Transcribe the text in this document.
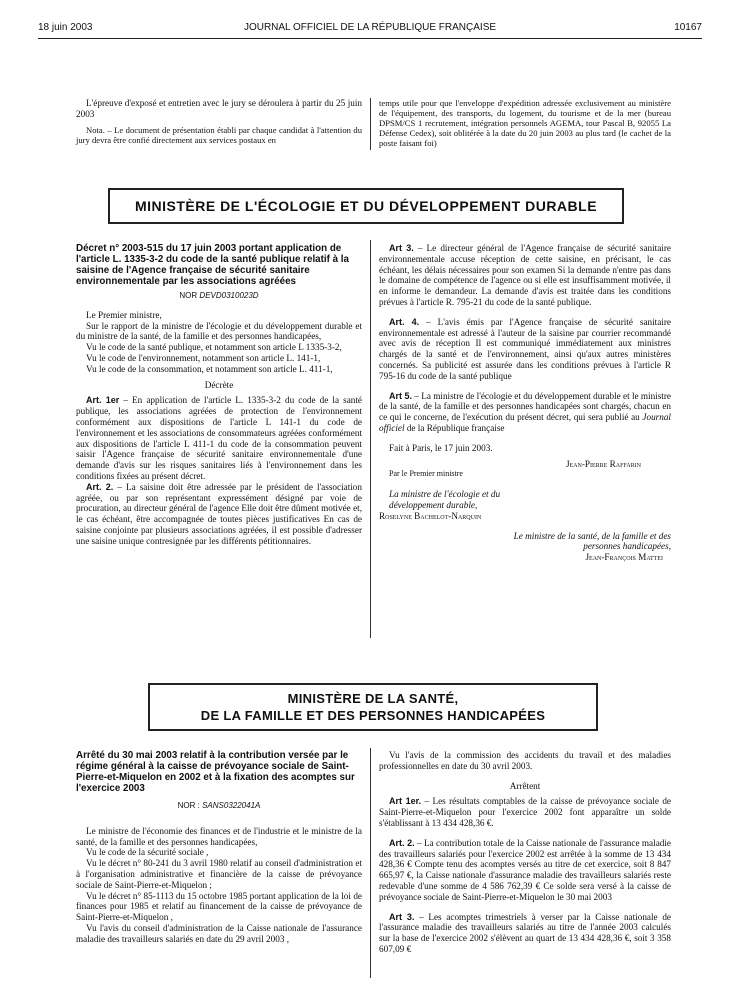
18 juin 2003	JOURNAL OFFICIEL DE LA RÉPUBLIQUE FRANÇAISE	10167

L'épreuve d'exposé et entretien avec le jury se déroulera à partir du 25 juin 2003

Nota. – Le document de présentation établi par chaque candidat à l'attention du jury devra être confié directement aux services postaux en

temps utile pour que l'enveloppe d'expédition adressée exclusivement au ministère de l'équipement, des transports, du logement, du tourisme et de la mer (bureau DPSM/CS 1 recrutement, intégration personnels AGEMA, tour Pascal B, 92055 La Défense Cedex), soit oblitérée à la date du 20 juin 2003 au plus tard (le cachet de la poste faisant foi)

MINISTÈRE DE L'ÉCOLOGIE ET DU DÉVELOPPEMENT DURABLE
Décret n° 2003-515 du 17 juin 2003 portant application de l'article L. 1335-3-2 du code de la santé publique relatif à la saisine de l'Agence française de sécurité sanitaire environnementale par les associations agréées
NOR DEVD0310023D

Le Premier ministre,

Sur le rapport de la ministre de l'écologie et du développement durable et du ministre de la santé, de la famille et des personnes handicapées,

Vu le code de la santé publique, et notamment son article L 1335-3-2,

Vu le code de l'environnement, notamment son article L. 141-1,

Vu le code de la consommation, et notamment son article L. 411-1,

Décrète

Art. 1er – En application de l'article L. 1335-3-2 du code de la santé publique, les associations agréées de protection de l'environnement conformément aux dispositions de l'article L 141-1 du code de l'environnement et les associations de consommateurs agréées conformément aux dispositions de l'article L 411-1 du code de la consommation peuvent saisir l'Agence française de sécurité sanitaire environnementale d'une demande d'avis sur les risques sanitaires liés à l'environnement dans les conditions fixées au présent décret.

Art. 2. – La saisine doit être adressée par le président de l'association agréée, ou par son représentant expressément désigné par voie de procuration, au directeur général de l'agence Elle doit être dûment motivée et, le cas échéant, être accompagnée de toutes pièces justificatives En cas de saisine conjointe par plusieurs associations agréées, il est possible d'adresser une saisine unique contresignée par les différents pétitionnaires.

Art 3. – Le directeur général de l'Agence française de sécurité sanitaire environnementale accuse réception de cette saisine, en précisant, le cas échéant, les délais nécessaires pour son examen Si la demande n'entre pas dans le domaine de compétence de l'agence ou si elle est insuffisamment motivée, il en informe le demandeur. La demande d'avis est traitée dans les conditions prévues à l'article R. 795-21 du code de la santé publique.

Art. 4. – L'avis émis par l'Agence française de sécurité sanitaire environnementale est adressé à l'auteur de la saisine par courrier recommandé avec avis de réception Il est communiqué immédiatement aux ministres chargés de la santé et de l'environnement, ainsi qu'aux autres ministères concernés. Sa publicité est assurée dans les conditions prévues à l'article R 795-16 du code de la santé publique

Art 5. – La ministre de l'écologie et du développement durable et le ministre de la santé, de la famille et des personnes handicapées sont chargés, chacun en ce qui le concerne, de l'exécution du présent décret, qui sera publié au Journal officiel de la République française

Fait à Paris, le 17 juin 2003.

Jean-Pierre Raffarin

Par le Premier ministre

La ministre de l'écologie et du développement durable,

Roselyne Bachelot-Narquin

Le ministre de la santé, de la famille et des personnes handicapées,

Jean-François Mattei

MINISTÈRE DE LA SANTÉ,
DE LA FAMILLE ET DES PERSONNES HANDICAPÉES
Arrêté du 30 mai 2003 relatif à la contribution versée par le régime général à la caisse de prévoyance sociale de Saint-Pierre-et-Miquelon en 2002 et à la fixation des acomptes sur l'exercice 2003
NOR : SANS0322041A

Le ministre de l'économie des finances et de l'industrie et le ministre de la santé, de la famille et des personnes handicapées,

Vu le code de la sécurité sociale ,

Vu le décret n° 80-241 du 3 avril 1980 relatif au conseil d'administration et à l'organisation administrative et financière de la caisse de prévoyance sociale de Saint-Pierre-et-Miquelon ;

Vu le décret n° 85-1113 du 15 octobre 1985 portant application de la loi de finances pour 1985 et relatif au financement de la caisse de prévoyance de Saint-Pierre-et-Miquelon ,

Vu l'avis du conseil d'administration de la Caisse nationale de l'assurance maladie des travailleurs salariés en date du 29 avril 2003 ,

Vu l'avis de la commission des accidents du travail et des maladies professionnelles en date du 30 avril 2003.

Arrêtent

Art 1er. – Les résultats comptables de la caisse de prévoyance sociale de Saint-Pierre-et-Miquelon pour l'exercice 2002 font apparaître un solde s'établissant à 13 434 428,36 €.

Art. 2. – La contribution totale de la Caisse nationale de l'assurance maladie des travailleurs salariés pour l'exercice 2002 est arrêtée à la somme de 13 434 428,36 € Compte tenu des acomptes versés au titre de cet exercice, soit 8 847 665,97 €, la Caisse nationale d'assurance maladie des travailleurs salariés reste redevable d'une somme de 4 586 762,39 € Ce solde sera versé à la caisse de prévoyance sociale de Saint-Pierre-et-Miquelon le 30 mai 2003

Art 3. – Les acomptes trimestriels à verser par la Caisse nationale de l'assurance maladie des travailleurs salariés au titre de l'année 2003 calculés sur la base de l'exercice 2002 s'élèvent au quart de 13 434 428,36 €, soit 3 358 607,09 €
